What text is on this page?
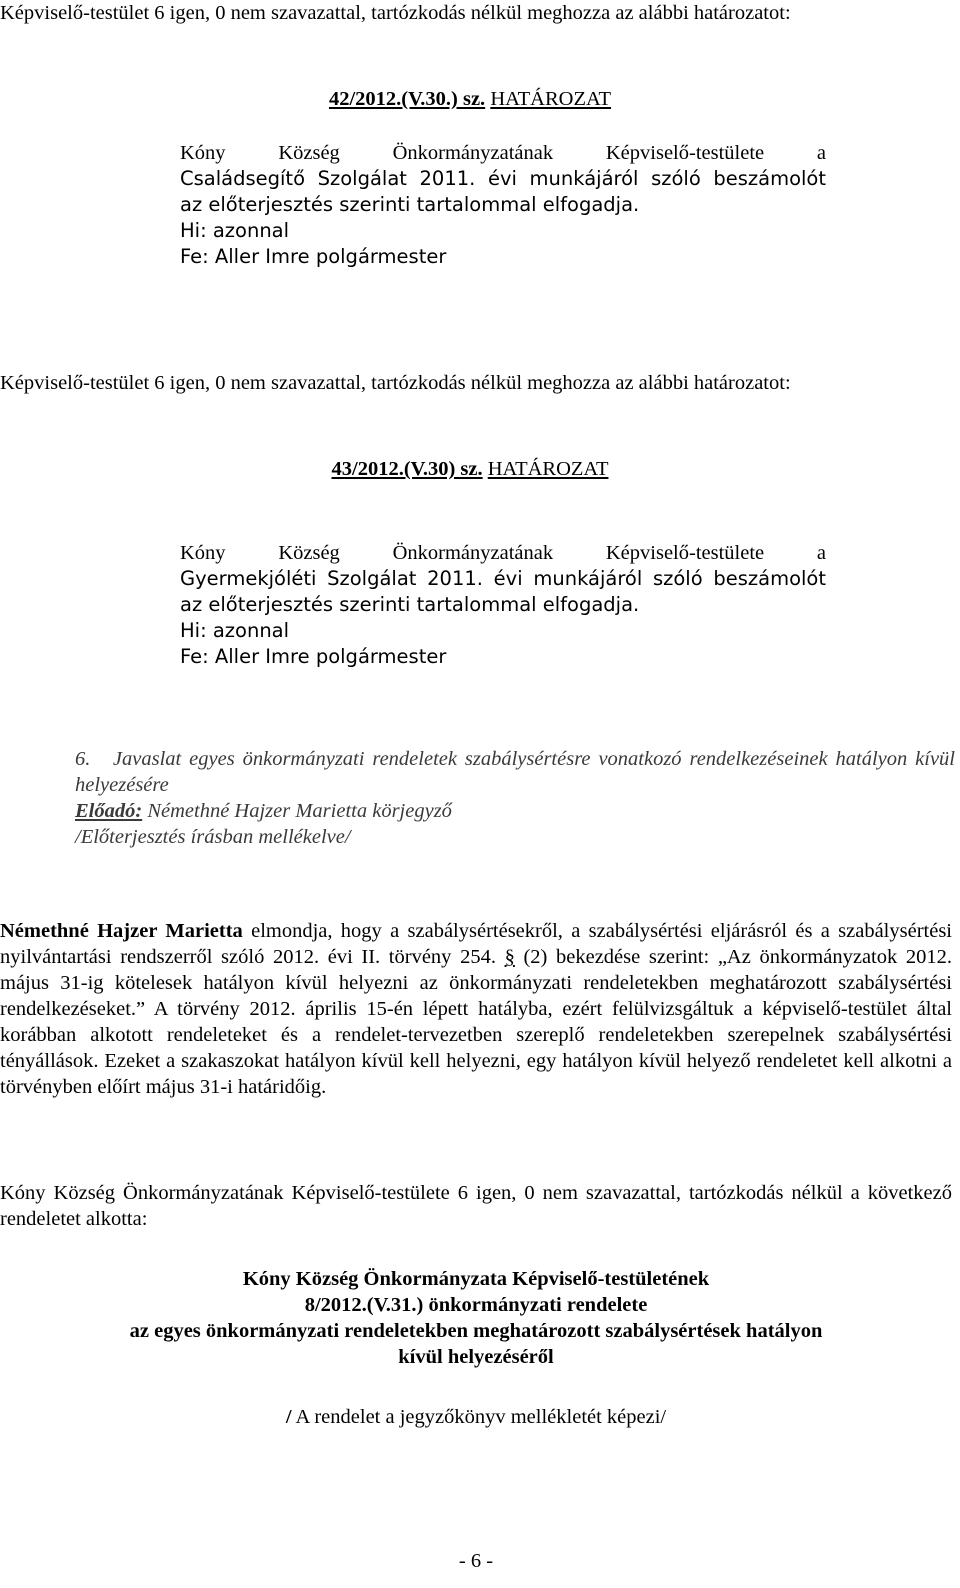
Képviselő-testület 6 igen, 0 nem szavazattal, tartózkodás nélkül meghozza az alábbi határozatot:
42/2012.(V.30.) sz. HATÁROZAT
Kóny Község Önkormányzatának Képviselő-testülete a
Családsegítő Szolgálat 2011. évi munkájáról szóló beszámolót
az előterjesztés szerinti tartalommal elfogadja.
Hi: azonnal
Fe: Aller Imre polgármester
Képviselő-testület 6 igen, 0 nem szavazattal, tartózkodás nélkül meghozza az alábbi határozatot:
43/2012.(V.30) sz. HATÁROZAT
Kóny Község Önkormányzatának Képviselő-testülete a
Gyermekjóléti Szolgálat 2011. évi munkájáról szóló beszámolót
az előterjesztés szerinti tartalommal elfogadja.
Hi: azonnal
Fe: Aller Imre polgármester
6.	Javaslat egyes önkormányzati rendeletek szabálysértésre vonatkozó rendelkezéseinek hatályon kívül helyezésére
Előadó: Némethné Hajzer Marietta körjegyző
/Előterjesztés írásban mellékelve/
Némethné Hajzer Marietta elmondja, hogy a szabálysértésekről, a szabálysértési eljárásról és a szabálysértési nyilvántartási rendszerről szóló 2012. évi II. törvény 254. § (2) bekezdése szerint: „Az önkormányzatok 2012. május 31-ig kötelesek hatályon kívül helyezni az önkormányzati rendeletekben meghatározott szabálysértési rendelkezéseket.” A törvény 2012. április 15-én lépett hatályba, ezért felülvizsgáltuk a képviselő-testület által korábban alkotott rendeleteket és a rendelet-tervezetben szereplő rendeletekben szerepelnek szabálysértési tényállások. Ezeket a szakaszokat hatályon kívül kell helyezni, egy hatályon kívül helyező rendeletet kell alkotni a törvényben előírt május 31-i határidőig.
Kóny Község Önkormányzatának Képviselő-testülete 6 igen, 0 nem szavazattal, tartózkodás nélkül a következő rendeletet alkotta:
Kóny Község Önkormányzata Képviselő-testületének
8/2012.(V.31.) önkormányzati rendelete
az egyes önkormányzati rendeletekben meghatározott szabálysértések hatályon
kívül helyezéséről
/ A rendelet a jegyzőkönyv mellékletét képezi/
- 6 -
